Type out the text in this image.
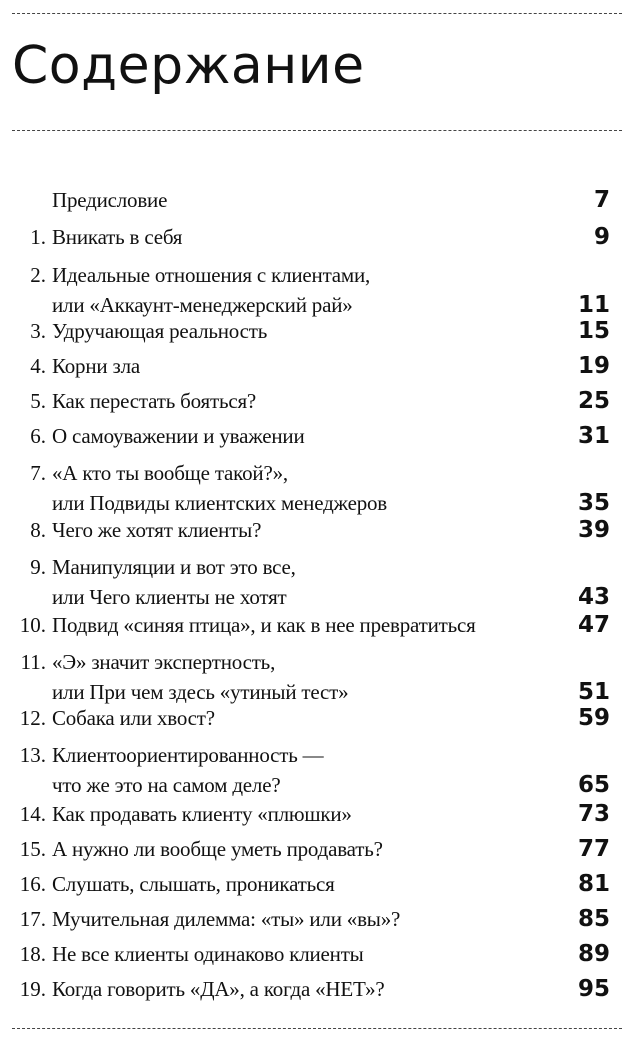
Содержание
Предисловие	7
1. Вникать в себя	9
2. Идеальные отношения с клиентами,
или «Аккаунт-менеджерский рай»	11
3. Удручающая реальность	15
4. Корни зла	19
5. Как перестать бояться?	25
6. О самоуважении и уважении	31
7. «А кто ты вообще такой?»,
или Подвиды клиентских менеджеров	35
8. Чего же хотят клиенты?	39
9. Манипуляции и вот это все,
или Чего клиенты не хотят	43
10. Подвид «синяя птица», и как в нее превратиться	47
11. «Э» значит экспертность,
или При чем здесь «утиный тест»	51
12. Собака или хвост?	59
13. Клиентоориентированность —
что же это на самом деле?	65
14. Как продавать клиенту «плюшки»	73
15. А нужно ли вообще уметь продавать?	77
16. Слушать, слышать, проникаться	81
17. Мучительная дилемма: «ты» или «вы»?	85
18. Не все клиенты одинаково клиенты	89
19. Когда говорить «ДА», а когда «НЕТ»?	95
